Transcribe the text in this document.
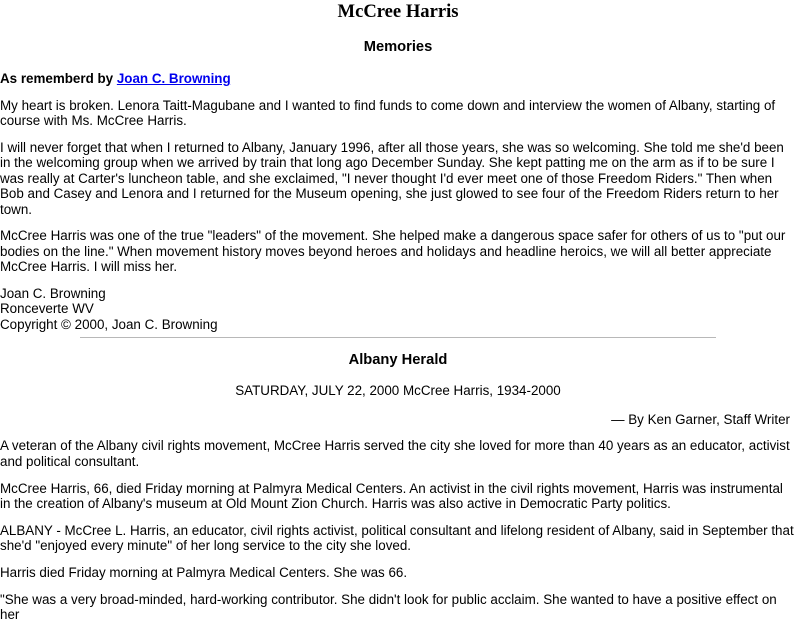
McCree Harris
Memories

As rememberd by Joan C. Browning

My heart is broken. Lenora Taitt-Magubane and I wanted to find funds to come down and interview the women of Albany, starting of course with Ms. McCree Harris.

I will never forget that when I returned to Albany, January 1996, after all those years, she was so welcoming. She told me she'd been in the welcoming group when we arrived by train that long ago December Sunday. She kept patting me on the arm as if to be sure I was really at Carter's luncheon table, and she exclaimed, "I never thought I'd ever meet one of those Freedom Riders." Then when Bob and Casey and Lenora and I returned for the Museum opening, she just glowed to see four of the Freedom Riders return to her town.

McCree Harris was one of the true "leaders" of the movement. She helped make a dangerous space safer for others of us to "put our bodies on the line." When movement history moves beyond heroes and holidays and headline heroics, we will all better appreciate McCree Harris. I will miss her.

Joan C. Browning
Ronceverte WV
Copyright © 2000, Joan C. Browning
Albany Herald
SATURDAY, JULY 22, 2000 McCree Harris, 1934-2000
— By Ken Garner, Staff Writer

A veteran of the Albany civil rights movement, McCree Harris served the city she loved for more than 40 years as an educator, activist and political consultant.

McCree Harris, 66, died Friday morning at Palmyra Medical Centers. An activist in the civil rights movement, Harris was instrumental in the creation of Albany's museum at Old Mount Zion Church. Harris was also active in Democratic Party politics.

ALBANY - McCree L. Harris, an educator, civil rights activist, political consultant and lifelong resident of Albany, said in September that she'd "enjoyed every minute" of her long service to the city she loved.

Harris died Friday morning at Palmyra Medical Centers. She was 66.

"She was a very broad-minded, hard-working contributor. She didn't look for public acclaim. She wanted to have a positive effect on her
